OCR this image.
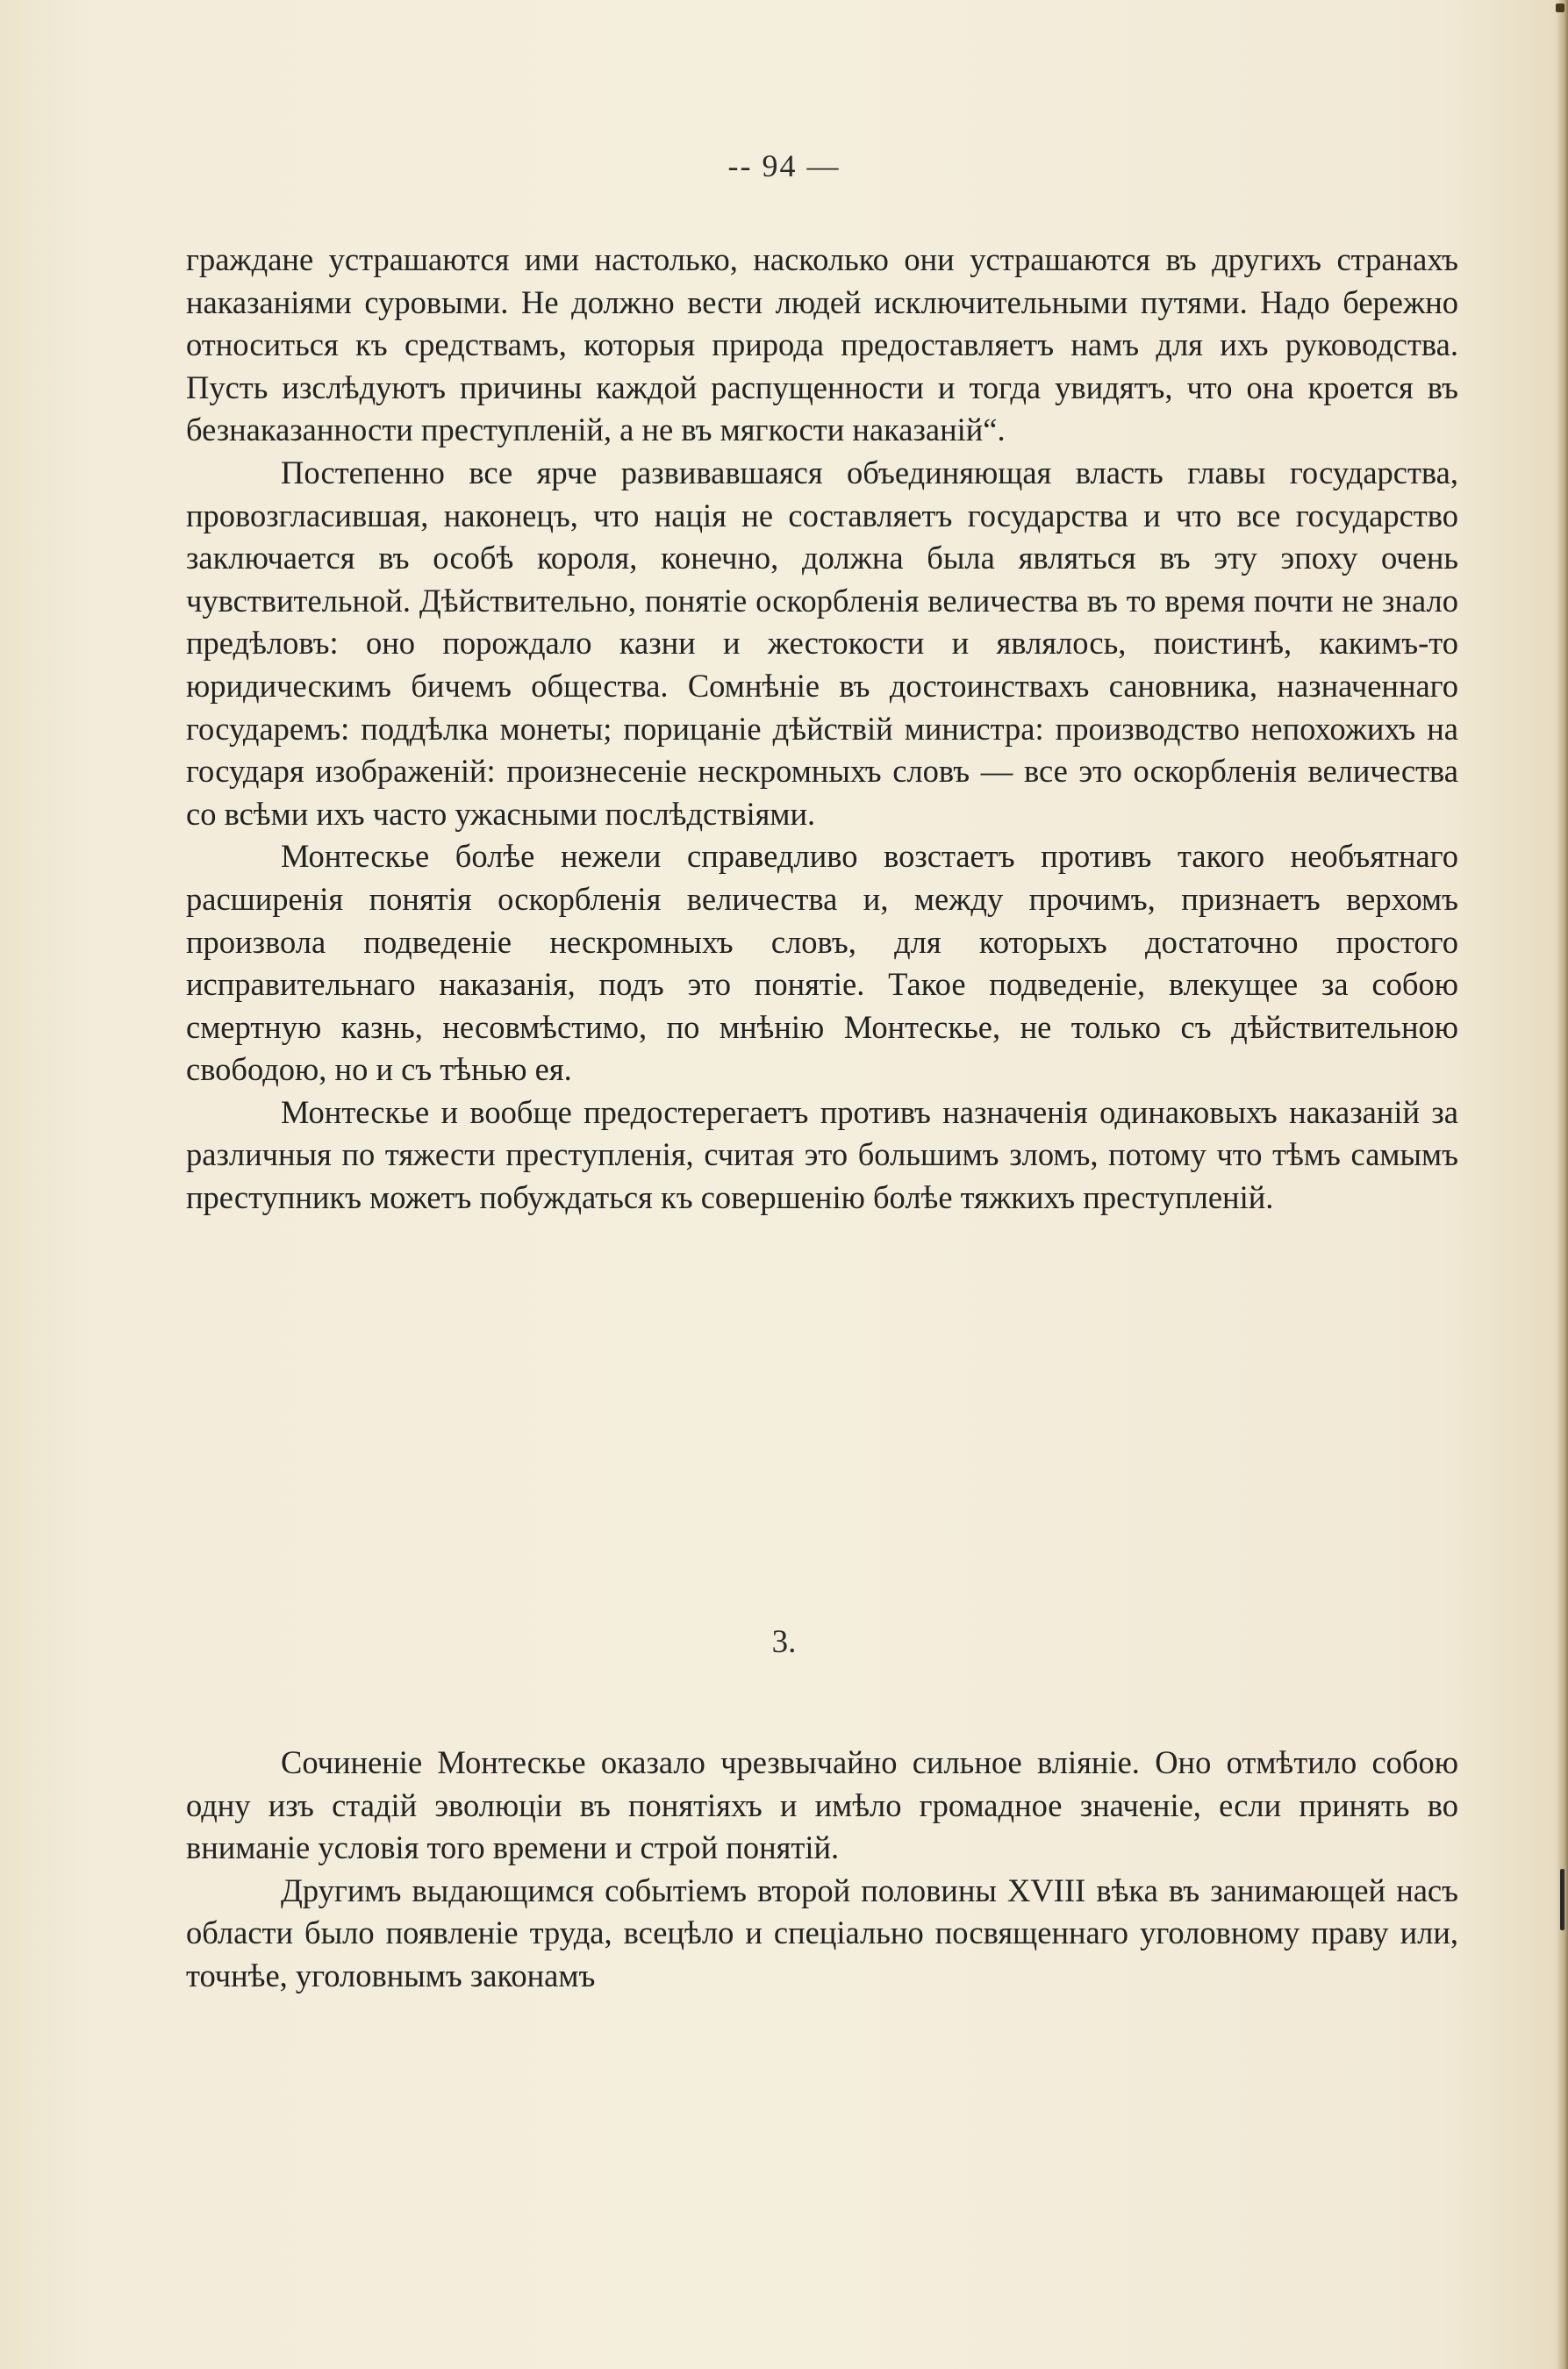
-- 94 —

граждане устрашаются ими настолько, насколько они устрашаются въ другихъ странахъ наказаніями суровыми. Не должно вести людей исключительными путями. Надо бережно относиться къ средствамъ, которыя природа предоставляетъ намъ для ихъ руководства. Пусть изслѣдуютъ причины каждой распущенности и тогда увидятъ, что она кроется въ безнаказанности преступленій, а не въ мягкости наказаній“.

Постепенно все ярче развивавшаяся объединяющая власть главы государства, провозгласившая, наконецъ, что нація не составляетъ государства и что все государство заключается въ особѣ короля, конечно, должна была являться въ эту эпоху очень чувствительной. Дѣйствительно, понятіе оскорбленія величества въ то время почти не знало предѣловъ: оно порождало казни и жестокости и являлось, поистинѣ, какимъ-то юридическимъ бичемъ общества. Сомнѣніе въ достоинствахъ сановника, назначеннаго государемъ: поддѣлка монеты; порицаніе дѣйствій министра: производство непохожихъ на государя изображеній: произнесеніе нескромныхъ словъ — все это оскорбленія величества со всѣми ихъ часто ужасными послѣдствіями.

Монтескье болѣе нежели справедливо возстаетъ противъ такого необъятнаго расширенія понятія оскорбленія величества и, между прочимъ, признаетъ верхомъ произвола подведеніе нескромныхъ словъ, для которыхъ достаточно простого исправительнаго наказанія, подъ это понятіе. Такое подведеніе, влекущее за собою смертную казнь, несовмѣстимо, по мнѣнію Монтескье, не только съ дѣйствительною свободою, но и съ тѣнью ея.

Монтескье и вообще предостерегаетъ противъ назначенія одинаковыхъ наказаній за различныя по тяжести преступленія, считая это большимъ зломъ, потому что тѣмъ самымъ преступникъ можетъ побуждаться къ совершенію болѣе тяжкихъ преступленій.

3.

Сочиненіе Монтескье оказало чрезвычайно сильное вліяніе. Оно отмѣтило собою одну изъ стадій эволюціи въ понятіяхъ и имѣло громадное значеніе, если принять во вниманіе условія того времени и строй понятій.

Другимъ выдающимся событіемъ второй половины XVIII вѣка въ занимающей насъ области было появленіе труда, всецѣло и спеціально посвященнаго уголовному праву или, точнѣе, уголовнымъ законамъ
